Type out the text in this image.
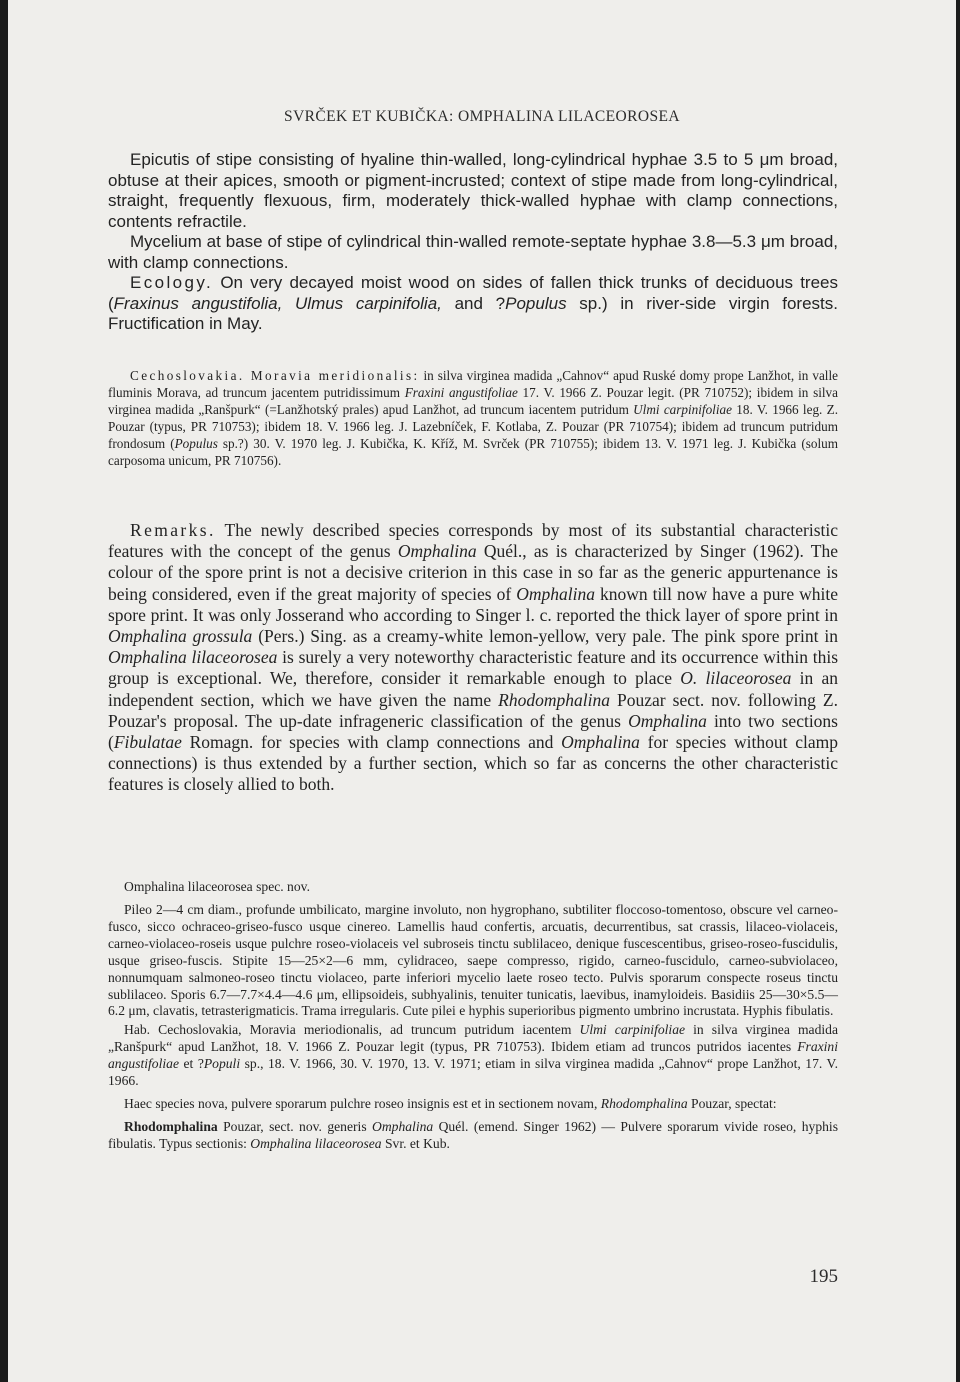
SVRČEK ET KUBIČKA: OMPHALINA LILACEOROSEA

Epicutis of stipe consisting of hyaline thin-walled, long-cylindrical hyphae 3.5 to 5 μm broad, obtuse at their apices, smooth or pigment-incrusted; context of stipe made from long-cylindrical, straight, frequently flexuous, firm, moderately thick-walled hyphae with clamp connections, contents refractile.

Mycelium at base of stipe of cylindrical thin-walled remote-septate hyphae 3.8—5.3 μm broad, with clamp connections.

Ecology. On very decayed moist wood on sides of fallen thick trunks of deciduous trees (Fraxinus angustifolia, Ulmus carpinifolia, and ?Populus sp.) in river-side virgin forests. Fructification in May.

Cechoslovakia. Moravia meridionalis: in silva virginea madida „Cahnov“ apud Ruské domy prope Lanžhot, in valle fluminis Morava, ad truncum jacentem putridissimum Fraxini angustifoliae 17. V. 1966 Z. Pouzar legit. (PR 710752); ibidem in silva virginea madida „Ranšpurk“ (=Lanžhotský prales) apud Lanžhot, ad truncum iacentem putridum Ulmi carpinifoliae 18. V. 1966 leg. Z. Pouzar (typus, PR 710753); ibidem 18. V. 1966 leg. J. Lazebníček, F. Kotlaba, Z. Pouzar (PR 710754); ibidem ad truncum putridum frondosum (Populus sp.?) 30. V. 1970 leg. J. Kubička, K. Kříž, M. Svrček (PR 710755); ibidem 13. V. 1971 leg. J. Kubička (solum carposoma unicum, PR 710756).

Remarks. The newly described species corresponds by most of its substantial characteristic features with the concept of the genus Omphalina Quél., as is characterized by Singer (1962). The colour of the spore print is not a decisive criterion in this case in so far as the generic appurtenance is being considered, even if the great majority of species of Omphalina known till now have a pure white spore print. It was only Josserand who according to Singer l. c. reported the thick layer of spore print in Omphalina grossula (Pers.) Sing. as a creamy-white lemon-yellow, very pale. The pink spore print in Omphalina lilaceorosea is surely a very noteworthy characteristic feature and its occurrence within this group is exceptional. We, therefore, consider it remarkable enough to place O. lilaceorosea in an independent section, which we have given the name Rhodomphalina Pouzar sect. nov. following Z. Pouzar's proposal. The up-date infrageneric classification of the genus Omphalina into two sections (Fibulatae Romagn. for species with clamp connections and Omphalina for species without clamp connections) is thus extended by a further section, which so far as concerns the other characteristic features is closely allied to both.

Omphalina lilaceorosea spec. nov.

Pileo 2—4 cm diam., profunde umbilicato, margine involuto, non hygrophano, subtiliter floccoso-tomentoso, obscure vel carneo-fusco, sicco ochraceo-griseo-fusco usque cinereo. Lamellis haud confertis, arcuatis, decurrentibus, sat crassis, lilaceo-violaceis, carneo-violaceo-roseis usque pulchre roseo-violaceis vel subroseis tinctu sublilaceo, denique fuscescentibus, griseo-roseo-fuscidulis, usque griseo-fuscis. Stipite 15—25×2—6 mm, cylidraceo, saepe compresso, rigido, carneo-fuscidulo, carneo-subviolaceo, nonnumquam salmoneo-roseo tinctu violaceo, parte inferiori mycelio laete roseo tecto. Pulvis sporarum conspecte roseus tinctu sublilaceo. Sporis 6.7—7.7×4.4—4.6 μm, ellipsoideis, subhyalinis, tenuiter tunicatis, laevibus, inamyloideis. Basidiis 25—30×5.5—6.2 μm, clavatis, tetrasterigmaticis. Trama irregularis. Cute pilei e hyphis superioribus pigmento umbrino incrustata. Hyphis fibulatis.

Hab. Cechoslovakia, Moravia meriodionalis, ad truncum putridum iacentem Ulmi carpinifoliae in silva virginea madida „Ranšpurk“ apud Lanžhot, 18. V. 1966 Z. Pouzar legit (typus, PR 710753). Ibidem etiam ad truncos putridos iacentes Fraxini angustifoliae et ?Populi sp., 18. V. 1966, 30. V. 1970, 13. V. 1971; etiam in silva virginea madida „Cahnov“ prope Lanžhot, 17. V. 1966.

Haec species nova, pulvere sporarum pulchre roseo insignis est et in sectionem novam, Rhodomphalina Pouzar, spectat:

Rhodomphalina Pouzar, sect. nov. generis Omphalina Quél. (emend. Singer 1962) — Pulvere sporarum vivide roseo, hyphis fibulatis. Typus sectionis: Omphalina lilaceorosea Svr. et Kub.

195
